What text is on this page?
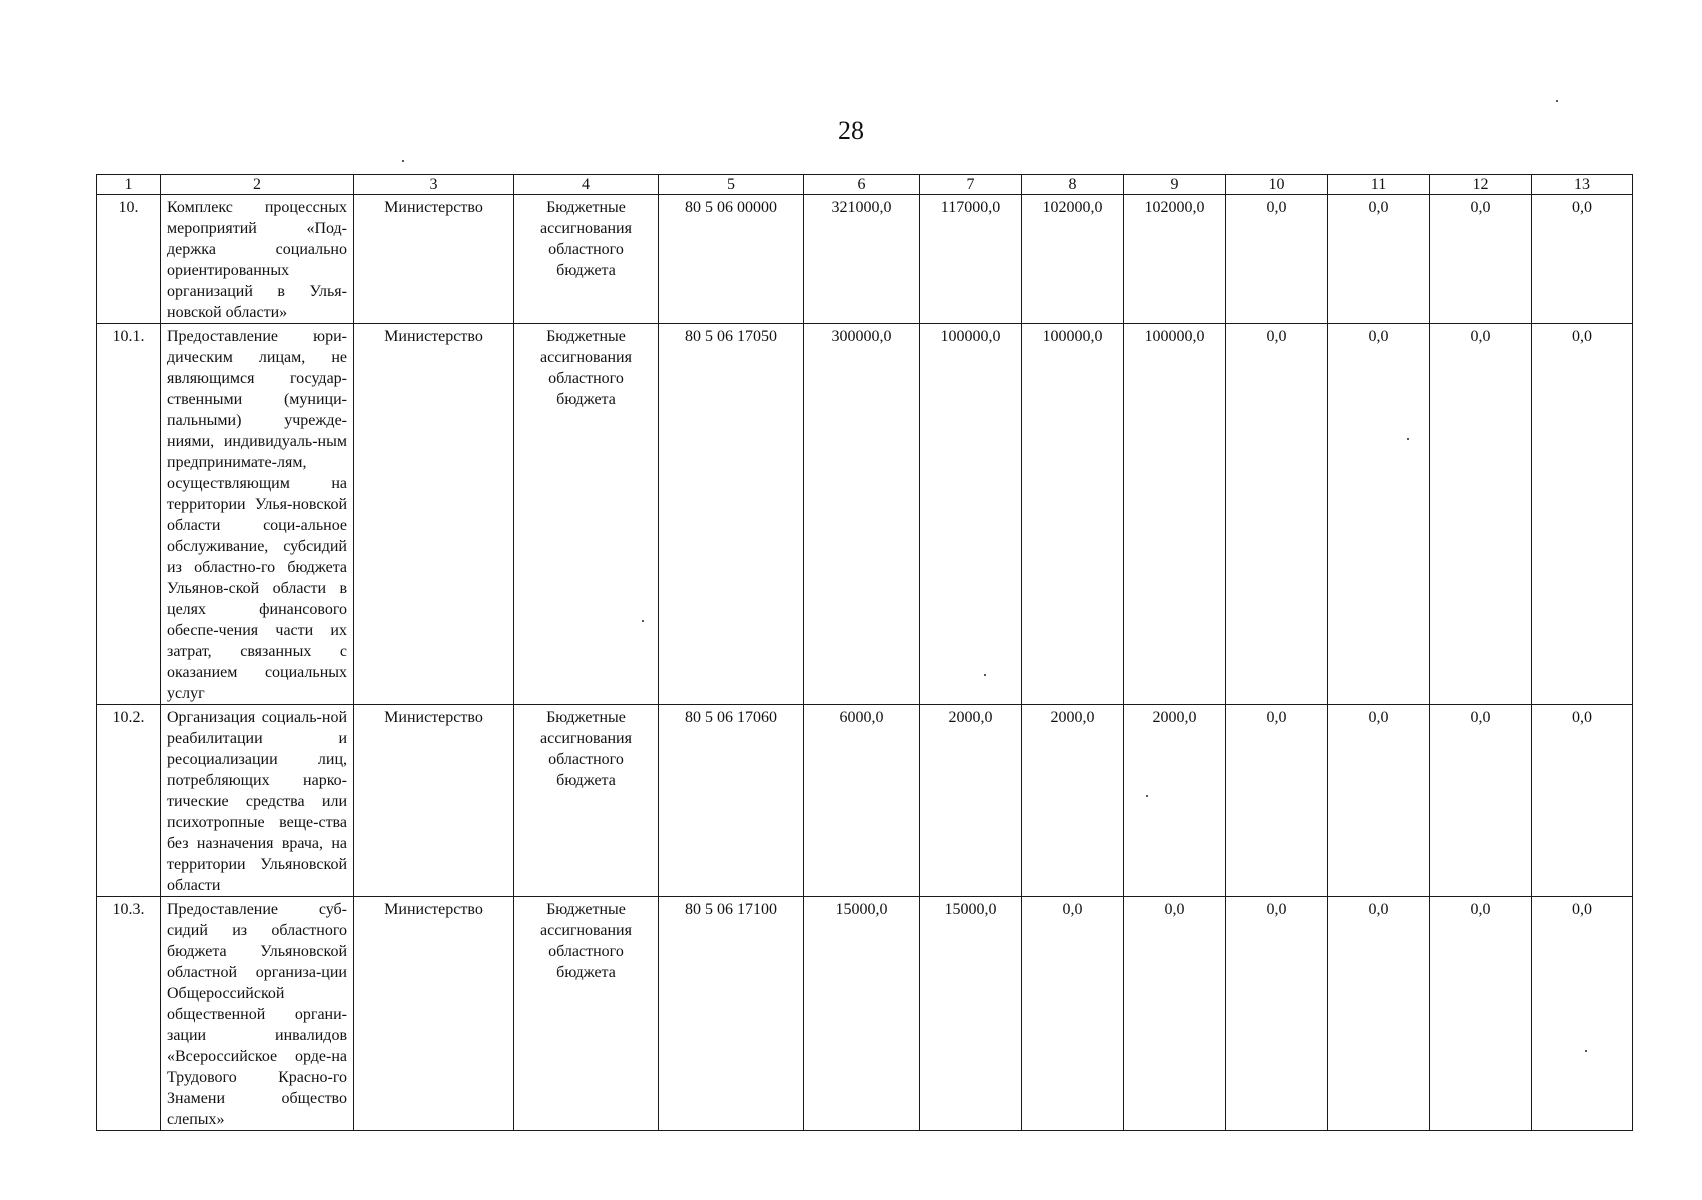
28
1	2	3	4	5	6	7	8	9	10	11	12	13
10.	Комплекс процессных мероприятий «Под-держка социально ориентированных организаций в Улья-новской области»	Министерство	Бюджетные ассигнования областного бюджета	80 5 06 00000	321000,0	117000,0	102000,0	102000,0	0,0	0,0	0,0	0,0
10.1.	Предоставление юри-дическим лицам, не являющимся государ-ственными (муници-пальными) учрежде-ниями, индивидуаль-ным предпринимате-лям, осуществляющим на территории Улья-новской области соци-альное обслуживание, субсидий из областно-го бюджета Ульянов-ской области в целях финансового обеспе-чения части их затрат, связанных с оказанием социальных услуг	Министерство	Бюджетные ассигнования областного бюджета	80 5 06 17050	300000,0	100000,0	100000,0	100000,0	0,0	0,0	0,0	0,0
10.2.	Организация социаль-ной реабилитации и ресоциализации лиц, потребляющих нарко-тические средства или психотропные веще-ства без назначения врача, на территории Ульяновской области	Министерство	Бюджетные ассигнования областного бюджета	80 5 06 17060	6000,0	2000,0	2000,0	2000,0	0,0	0,0	0,0	0,0
10.3.	Предоставление суб-сидий из областного бюджета Ульяновской областной организа-ции Общероссийской общественной органи-зации инвалидов «Всероссийское орде-на Трудового Красно-го Знамени общество слепых»	Министерство	Бюджетные ассигнования областного бюджета	80 5 06 17100	15000,0	15000,0	0,0	0,0	0,0	0,0	0,0	0,0
